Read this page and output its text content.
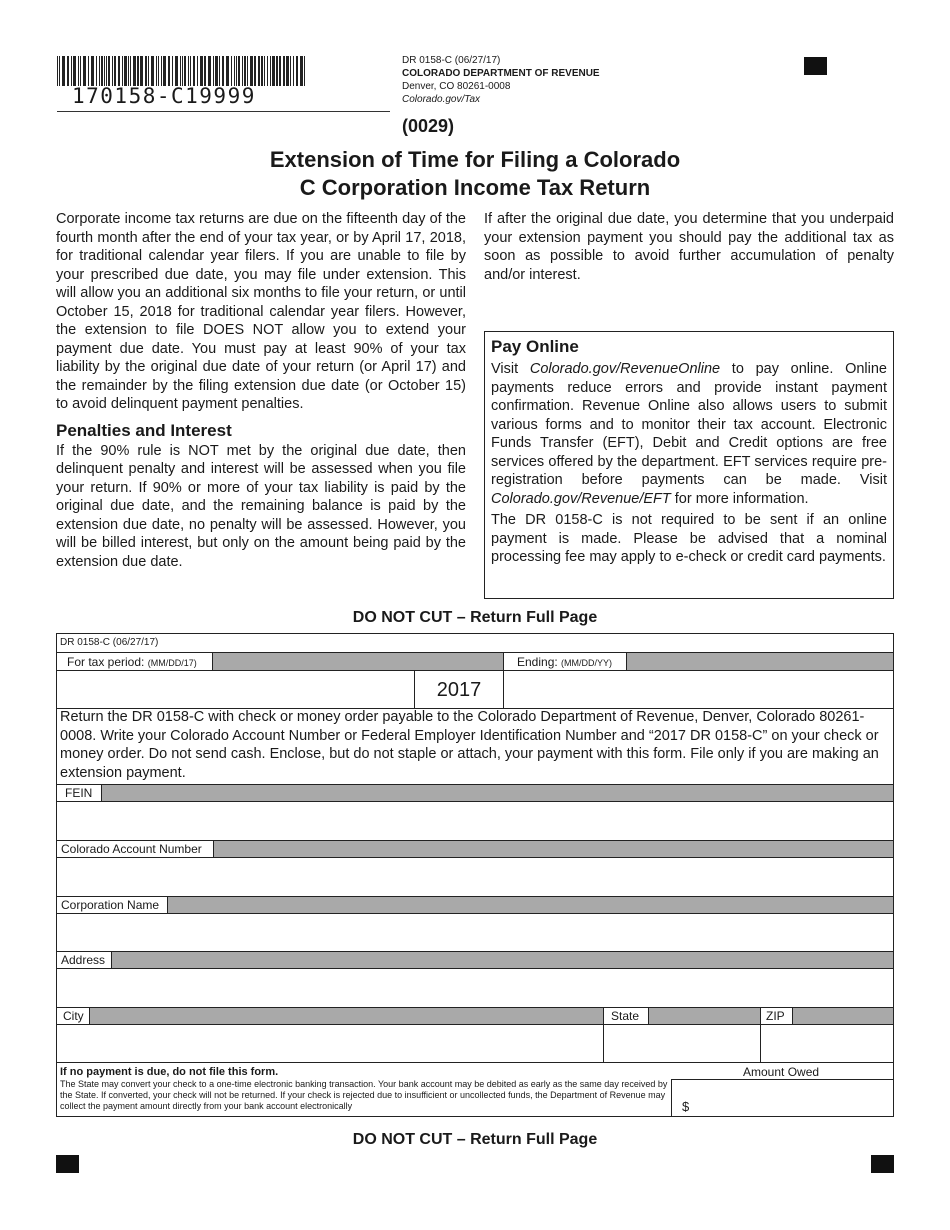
170158-C19999
DR 0158-C (06/27/17)
COLORADO DEPARTMENT OF REVENUE
Denver, CO 80261-0008
Colorado.gov/Tax
(0029)
Extension of Time for Filing a Colorado
C Corporation Income Tax Return

Corporate income tax returns are due on the fifteenth day of the fourth month after the end of your tax year, or by April 17, 2018, for traditional calendar year filers. If you are unable to file by your prescribed due date, you may file under extension. This will allow you an additional six months to file your return, or until October 15, 2018 for traditional calendar year filers. However, the extension to file DOES NOT allow you to extend your payment due date. You must pay at least 90% of your tax liability by the original due date of your return (or April 17) and the remainder by the filing extension due date (or October 15) to avoid delinquent payment penalties.

Penalties and Interest

If the 90% rule is NOT met by the original due date, then delinquent penalty and interest will be assessed when you file your return. If 90% or more of your tax liability is paid by the original due date, and the remaining balance is paid by the extension due date, no penalty will be assessed. However, you will be billed interest, but only on the amount being paid by the extension due date.

If after the original due date, you determine that you underpaid your extension payment you should pay the additional tax as soon as possible to avoid further accumulation of penalty and/or interest.

Pay Online

Visit Colorado.gov/RevenueOnline to pay online. Online payments reduce errors and provide instant payment confirmation. Revenue Online also allows users to submit various forms and to monitor their tax account. Electronic Funds Transfer (EFT), Debit and Credit options are free services offered by the department. EFT services require pre-registration before payments can be made. Visit Colorado.gov/Revenue/EFT for more information.

The DR 0158-C is not required to be sent if an online payment is made. Please be advised that a nominal processing fee may apply to e-check or credit card payments.

DO NOT CUT – Return Full Page
DR 0158-C (06/27/17)
For tax period: (MM/DD/17)	Ending: (MM/DD/YY)
2017
Return the DR 0158-C with check or money order payable to the Colorado Department of Revenue, Denver, Colorado 80261-0008. Write your Colorado Account Number or Federal Employer Identification Number and “2017 DR 0158-C” on your check or money order. Do not send cash. Enclose, but do not staple or attach, your payment with this form. File only if you are making an extension payment.
FEIN
Colorado Account Number
Corporation Name
Address
City	State	ZIP
If no payment is due, do not file this form.
The State may convert your check to a one-time electronic banking transaction. Your bank account may be debited as early as the same day received by the State. If converted, your check will not be returned. If your check is rejected due to insufficient or uncollected funds, the Department of Revenue may collect the payment amount directly from your bank account electronically
Amount Owed
$
DO NOT CUT – Return Full Page
